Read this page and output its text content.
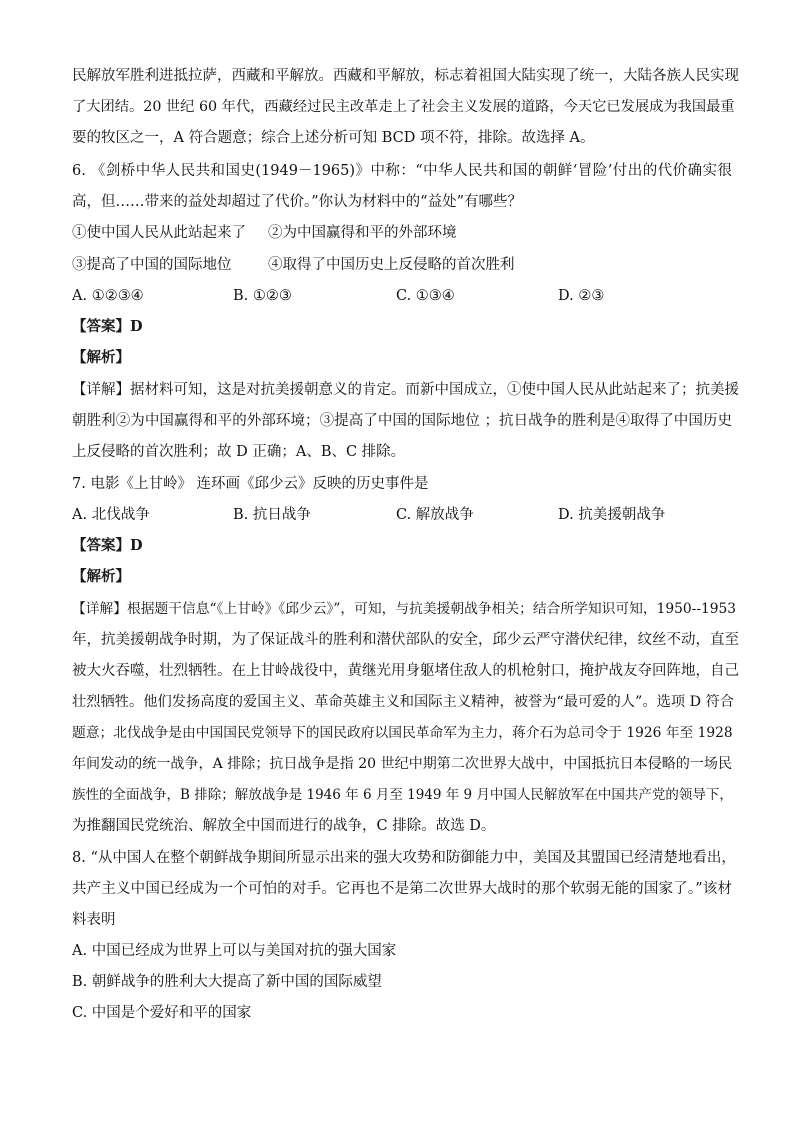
民解放军胜利进抵拉萨，西藏和平解放。西藏和平解放，标志着祖国大陆实现了统一，大陆各族人民实现
了大团结。20 世纪 60 年代，西藏经过民主改革走上了社会主义发展的道路，今天它已发展成为我国最重
要的牧区之一，A 符合题意；综合上述分析可知 BCD 项不符，排除。故选择 A。
6. 《剑桥中华人民共和国史(1949－1965)》中称：“中华人民共和国的朝鲜‘冒险’付出的代价确实很
高，但……带来的益处却超过了代价。”你认为材料中的“益处”有哪些？
①使中国人民从此站起来了 ②为中国赢得和平的外部环境
③提高了中国的国际地位	④取得了中国历史上反侵略的首次胜利
A. ①②③④	B. ①②③	C. ①③④	D. ②③
【答案】D
【解析】
【详解】据材料可知，这是对抗美援朝意义的肯定。而新中国成立，①使中国人民从此站起来了；抗美援
朝胜利②为中国赢得和平的外部环境；③提高了中国的国际地位 ；抗日战争的胜利是④取得了中国历史
上反侵略的首次胜利；故 D 正确；A、B、C 排除。
7. 电影《上甘岭》 连环画《邱少云》反映的历史事件是
A. 北伐战争	B. 抗日战争	C. 解放战争	D. 抗美援朝战争
【答案】D
【解析】
【详解】根据题干信息“《上甘岭》《邱少云》”，可知，与抗美援朝战争相关；结合所学知识可知，1950--1953
年，抗美援朝战争时期，为了保证战斗的胜利和潜伏部队的安全，邱少云严守潜伏纪律，纹丝不动，直至
被大火吞噬，壮烈牺牲。在上甘岭战役中，黄继光用身躯堵住敌人的机枪射口，掩护战友夺回阵地，自己
壮烈牺牲。他们发扬高度的爱国主义、革命英雄主义和国际主义精神，被誉为“最可爱的人”。选项 D 符合
题意；北伐战争是由中国国民党领导下的国民政府以国民革命军为主力，蒋介石为总司令于 1926 年至 1928
年间发动的统一战争，A 排除；抗日战争是指 20 世纪中期第二次世界大战中，中国抵抗日本侵略的一场民
族性的全面战争，B 排除；解放战争是 1946 年 6 月至 1949 年 9 月中国人民解放军在中国共产党的领导下，
为推翻国民党统治、解放全中国而进行的战争，C 排除。故选 D。
8. “从中国人在整个朝鲜战争期间所显示出来的强大攻势和防御能力中，美国及其盟国已经清楚地看出，
共产主义中国已经成为一个可怕的对手。它再也不是第二次世界大战时的那个软弱无能的国家了。”该材
料表明
A. 中国已经成为世界上可以与美国对抗的强大国家
B. 朝鲜战争的胜利大大提高了新中国的国际威望
C. 中国是个爱好和平的国家
